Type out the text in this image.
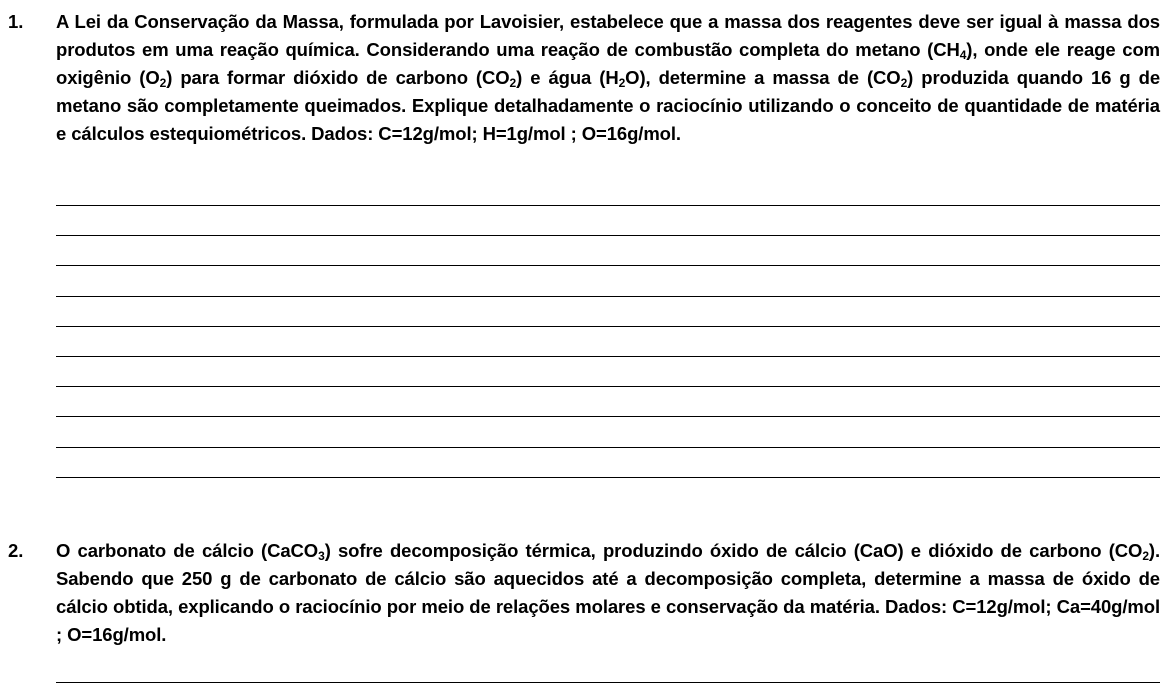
1. A Lei da Conservação da Massa, formulada por Lavoisier, estabelece que a massa dos reagentes deve ser igual à massa dos produtos em uma reação química. Considerando uma reação de combustão completa do metano $(CH_4)$, onde ele reage com oxigênio $(O_2)$ para formar dióxido de carbono $(CO_2)$ e água $(H_2O)$, determine a massa de $(CO_2)$ produzida quando 16 g de metano são completamente queimados. Explique detalhadamente o raciocínio utilizando o conceito de quantidade de matéria e cálculos estequiométricos. Dados: C=12g/mol; H=1g/mol ; O=16g/mol.
2. O carbonato de cálcio (CaCO$_3$) sofre decomposição térmica, produzindo óxido de cálcio (CaO) e dióxido de carbono $(CO_2)$. Sabendo que 250 g de carbonato de cálcio são aquecidos até a decomposição completa, determine a massa de óxido de cálcio obtida, explicando o raciocínio por meio de relações molares e conservação da matéria. Dados: C=12g/mol; Ca=40g/mol ; O=16g/mol.
